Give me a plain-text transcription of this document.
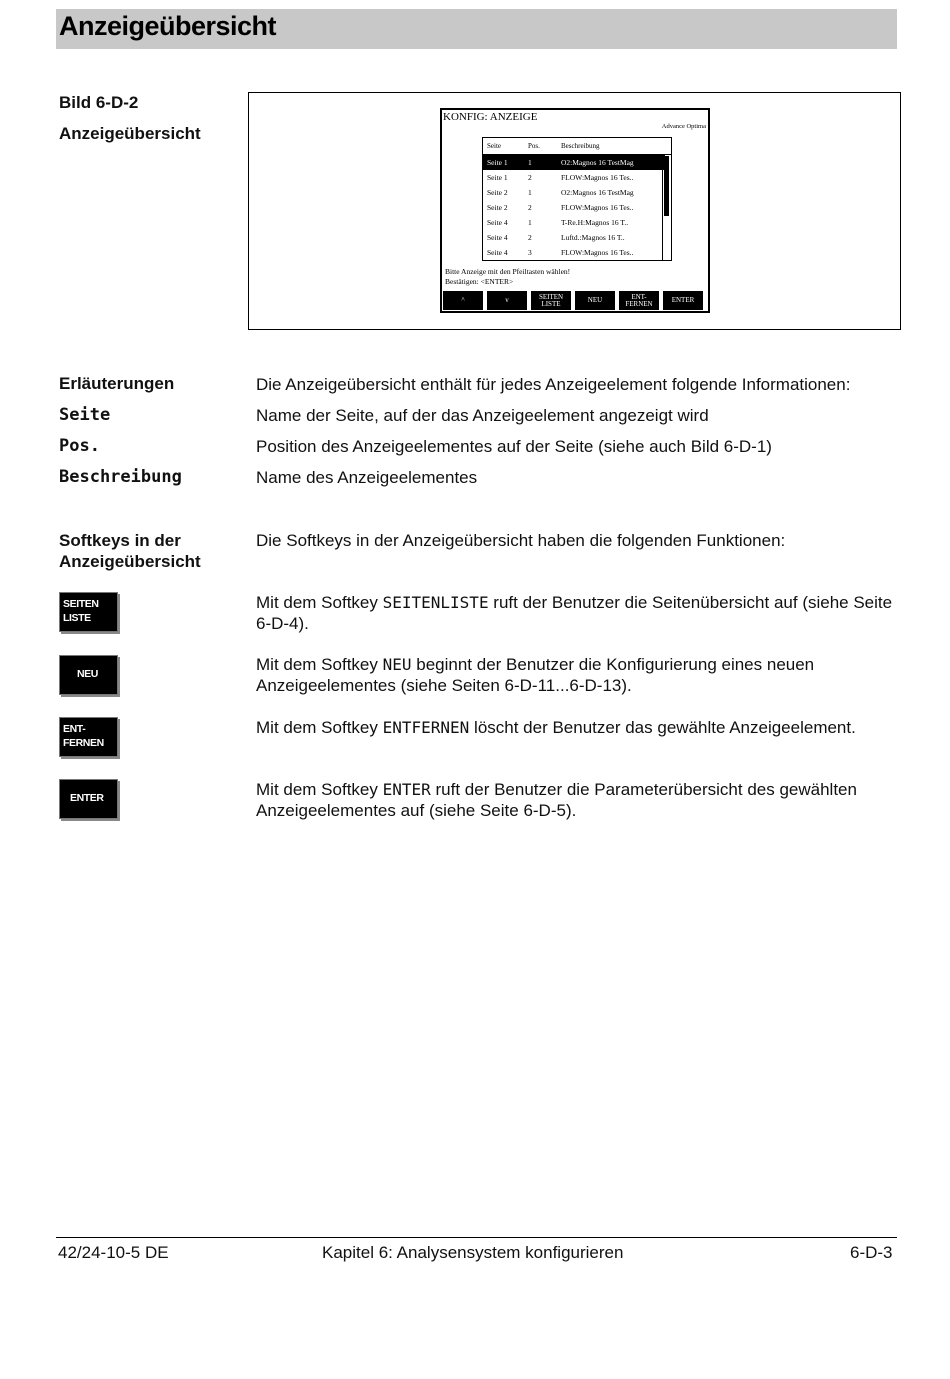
Anzeigeübersicht
Bild 6-D-2
Anzeigeübersicht
KONFIG: ANZEIGE
Advance Optima
Seite	Pos.	Beschreibung
Seite 1	1	O2:Magnos 16 TestMag
Seite 1	2	FLOW:Magnos 16 Tes..
Seite 2	1	O2:Magnos 16 TestMag
Seite 2	2	FLOW:Magnos 16 Tes..
Seite 4	1	T-Re.H:Magnos 16 T..
Seite 4	2	Luftd.:Magnos 16 T..
Seite 4	3	FLOW:Magnos 16 Tes..
Bitte Anzeige mit den Pfeiltasten wählen!
Bestätigen: <ENTER>
^	v	SEITEN
LISTE	NEU	ENT-
FERNEN	ENTER
Erläuterungen	Die Anzeigeübersicht enthält für jedes Anzeigeelement folgende Informationen:
Seite	Name der Seite, auf der das Anzeigeelement angezeigt wird
Pos.	Position des Anzeigeelementes auf der Seite (siehe auch Bild 6-D-1)
Beschreibung	Name des Anzeigeelementes
Softkeys in der
Anzeigeübersicht
Die Softkeys in der Anzeigeübersicht haben die folgenden Funktionen:
SEITEN
LISTE
Mit dem Softkey SEITENLISTE ruft der Benutzer die Seitenübersicht auf (siehe Seite 6-D-4).
NEU	Mit dem Softkey NEU beginnt der Benutzer die Konfigurierung eines neuen Anzeigeelementes (siehe Seiten 6-D-11...6-D-13).
ENT-
FERNEN
Mit dem Softkey ENTFERNEN löscht der Benutzer das gewählte Anzeigeelement.
ENTER	Mit dem Softkey ENTER ruft der Benutzer die Parameterübersicht des gewählten Anzeigeelementes auf (siehe Seite 6-D-5).
42/24-10-5 DE	Kapitel 6: Analysensystem konfigurieren	6-D-3
